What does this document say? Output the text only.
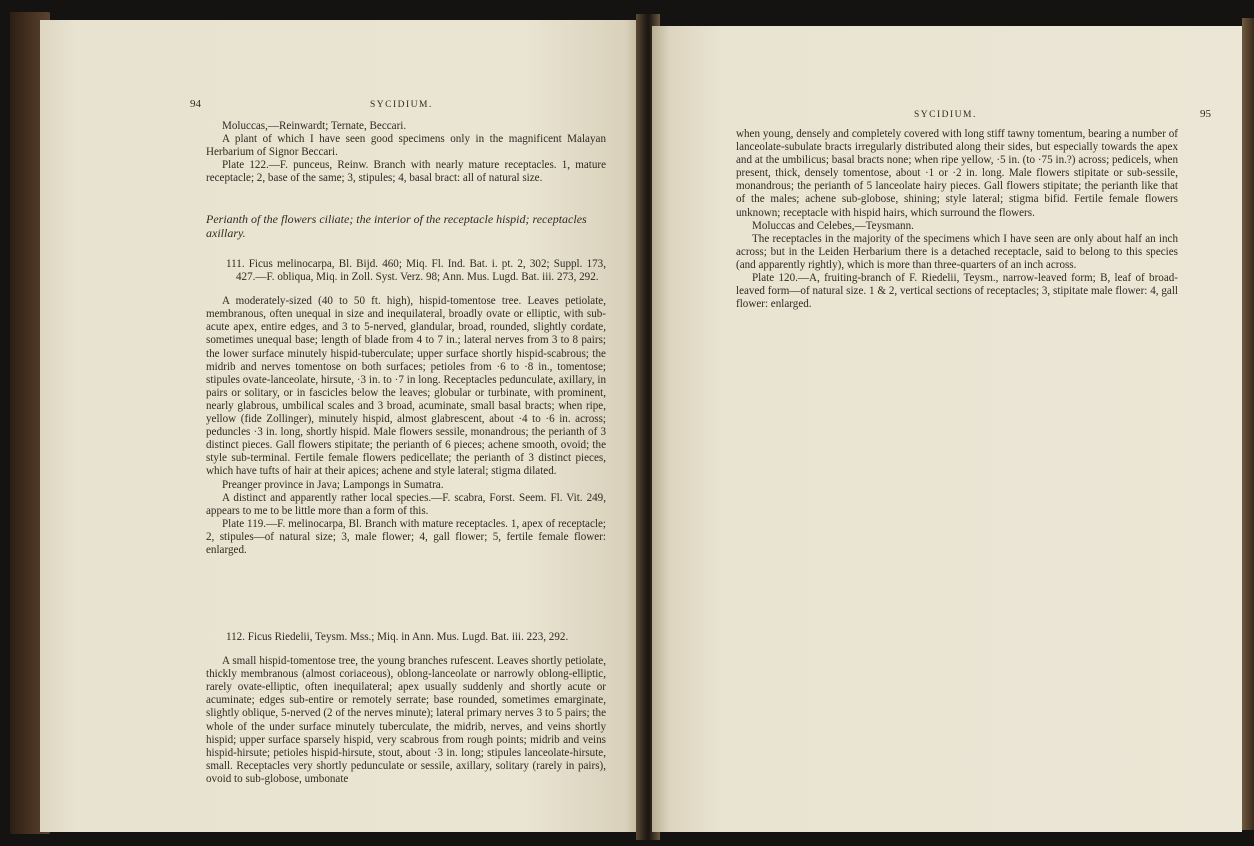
94	SYCIDIUM.

Moluccas,—Reinwardt; Ternate, Beccari.

A plant of which I have seen good specimens only in the magnificent Malayan Herbarium of Signor Beccari.

Plate 122.—F. punceus, Reinw. Branch with nearly mature receptacles. 1, mature receptacle; 2, base of the same; 3, stipules; 4, basal bract: all of natural size.

Perianth of the flowers ciliate; the interior of the receptacle hispid; receptacles axillary.

111. Ficus melinocarpa, Bl. Bijd. 460; Miq. Fl. Ind. Bat. i. pt. 2, 302; Suppl. 173, 427.—F. obliqua, Miq. in Zoll. Syst. Verz. 98; Ann. Mus. Lugd. Bat. iii. 273, 292.

A moderately-sized (40 to 50 ft. high), hispid-tomentose tree. Leaves petiolate, membranous, often unequal in size and inequilateral, broadly ovate or elliptic, with sub-acute apex, entire edges, and 3 to 5-nerved, glandular, broad, rounded, slightly cordate, sometimes unequal base; length of blade from 4 to 7 in.; lateral nerves from 3 to 8 pairs; the lower surface minutely hispid-tuberculate; upper surface shortly hispid-scabrous; the midrib and nerves tomentose on both surfaces; petioles from ·6 to ·8 in., tomentose; stipules ovate-lanceolate, hirsute, ·3 in. to ·7 in long. Receptacles pedunculate, axillary, in pairs or solitary, or in fascicles below the leaves; globular or turbinate, with prominent, nearly glabrous, umbilical scales and 3 broad, acuminate, small basal bracts; when ripe, yellow (fide Zollinger), minutely hispid, almost glabrescent, about ·4 to ·6 in. across; peduncles ·3 in. long, shortly hispid. Male flowers sessile, monandrous; the perianth of 3 distinct pieces. Gall flowers stipitate; the perianth of 6 pieces; achene smooth, ovoid; the style sub-terminal. Fertile female flowers pedicellate; the perianth of 3 distinct pieces, which have tufts of hair at their apices; achene and style lateral; stigma dilated.

Preanger province in Java; Lampongs in Sumatra.

A distinct and apparently rather local species.—F. scabra, Forst. Seem. Fl. Vit. 249, appears to me to be little more than a form of this.

Plate 119.—F. melinocarpa, Bl. Branch with mature receptacles. 1, apex of receptacle; 2, stipules—of natural size; 3, male flower; 4, gall flower; 5, fertile female flower: enlarged.

112. Ficus Riedelii, Teysm. Mss.; Miq. in Ann. Mus. Lugd. Bat. iii. 223, 292.

A small hispid-tomentose tree, the young branches rufescent. Leaves shortly petiolate, thickly membranous (almost coriaceous), oblong-lanceolate or narrowly oblong-elliptic, rarely ovate-elliptic, often inequilateral; apex usually suddenly and shortly acute or acuminate; edges sub-entire or remotely serrate; base rounded, sometimes emarginate, slightly oblique, 5-nerved (2 of the nerves minute); lateral primary nerves 3 to 5 pairs; the whole of the under surface minutely tuberculate, the midrib, nerves, and veins shortly hispid; upper surface sparsely hispid, very scabrous from rough points; midrib and veins hispid-hirsute; petioles hispid-hirsute, stout, about ·3 in. long; stipules lanceolate-hirsute, small. Receptacles very shortly pedunculate or sessile, axillary, solitary (rarely in pairs), ovoid to sub-globose, umbonate

SYCIDIUM.	95

when young, densely and completely covered with long stiff tawny tomentum, bearing a number of lanceolate-subulate bracts irregularly distributed along their sides, but especially towards the apex and at the umbilicus; basal bracts none; when ripe yellow, ·5 in. (to ·75 in.?) across; pedicels, when present, thick, densely tomentose, about ·1 or ·2 in. long. Male flowers stipitate or sub-sessile, monandrous; the perianth of 5 lanceolate hairy pieces. Gall flowers stipitate; the perianth like that of the males; achene sub-globose, shining; style lateral; stigma bifid. Fertile female flowers unknown; receptacle with hispid hairs, which surround the flowers.

Moluccas and Celebes,—Teysmann.

The receptacles in the majority of the specimens which I have seen are only about half an inch across; but in the Leiden Herbarium there is a detached receptacle, said to belong to this species (and apparently rightly), which is more than three-quarters of an inch across.

Plate 120.—A, fruiting-branch of F. Riedelii, Teysm., narrow-leaved form; B, leaf of broad-leaved form—of natural size. 1 & 2, vertical sections of receptacles; 3, stipitate male flower: 4, gall flower: enlarged.
